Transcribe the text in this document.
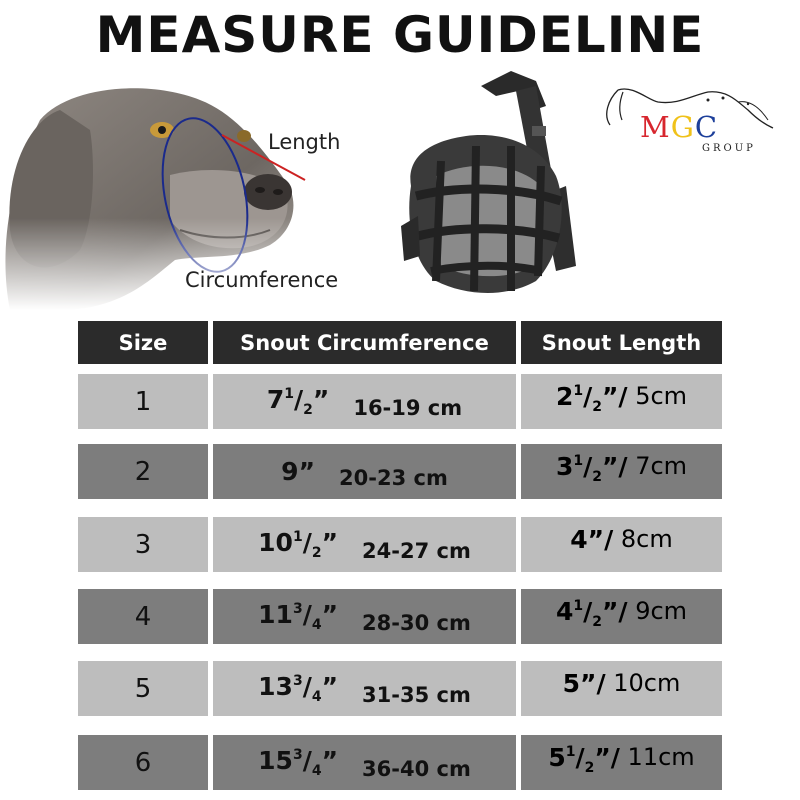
MEASURE GUIDELINE
Length
Circumference
MGC
GROUP
Size	Snout Circumference	Snout Length
1	$7^1/_2$” 16-19 cm	$2^1/_2”/$ 5cm
2	9” 20-23 cm	$3^1/_2”/$ 7cm
3	$10^1/_2$” 24-27 cm	4”/ 8cm
4	$11^3/_4$” 28-30 cm	$4^1/_2”/$ 9cm
5	$13^3/_4$” 31-35 cm	5”/ 10cm
6	$15^3/_4$” 36-40 cm	$5^1/_2”/$ 11cm
